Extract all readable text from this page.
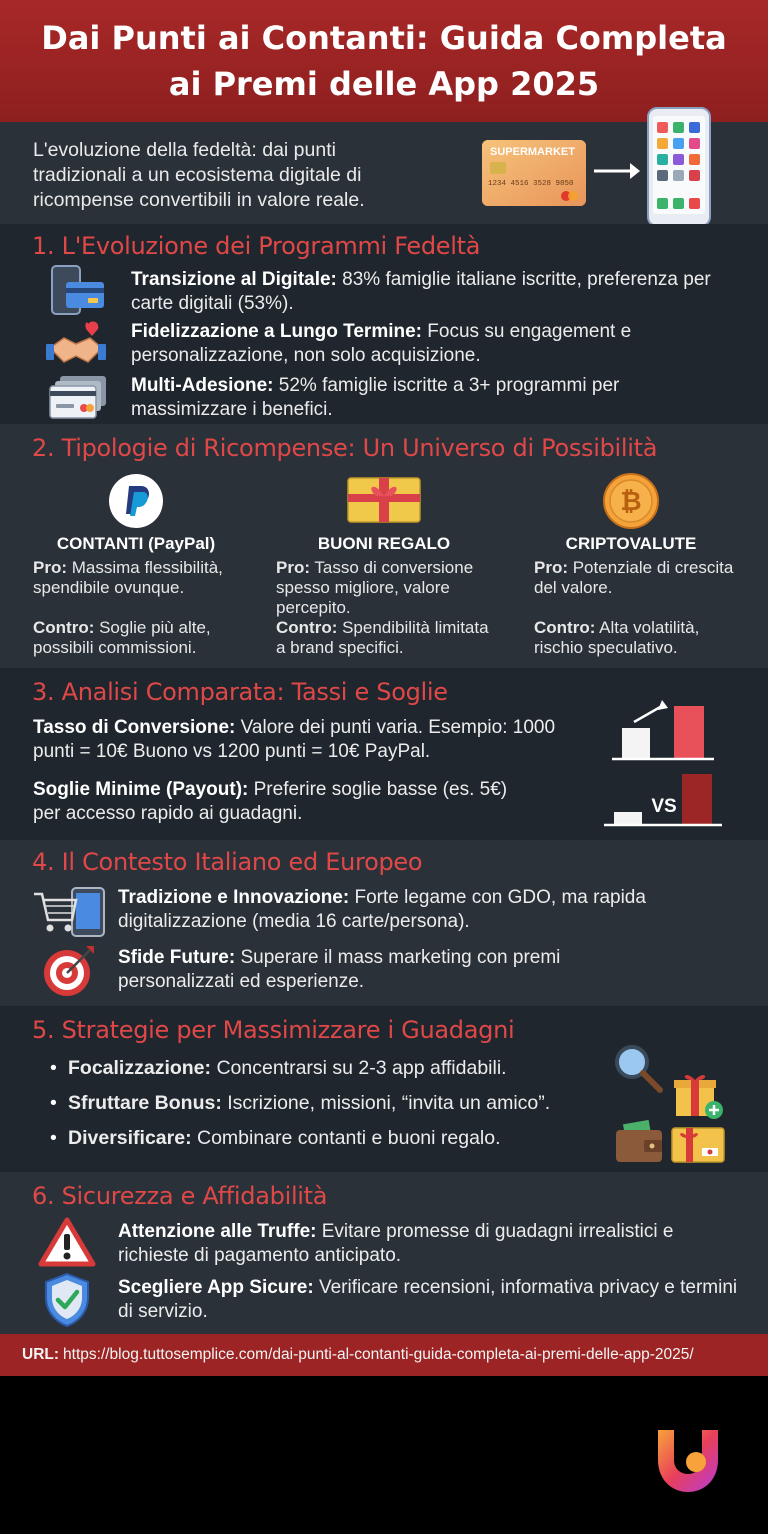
Dai Punti ai Contanti: Guida Completa ai Premi delle App 2025

L'evoluzione della fedeltà: dai punti tradizionali a un ecosistema digitale di ricompense convertibili in valore reale.

SUPERMARKET
1234 4516 3528 9850
1. L'Evoluzione dei Programmi Fedeltà
Transizione al Digitale: 83% famiglie italiane iscritte, preferenza per carte digitali (53%).
Fidelizzazione a Lungo Termine: Focus su engagement e personalizzazione, non solo acquisizione.
Multi-Adesione: 52% famiglie iscritte a 3+ programmi per massimizzare i benefici.
2. Tipologie di Ricompense: Un Universo di Possibilità
₿
CONTANTI (PayPal)	BUONI REGALO	CRIPTOVALUTE
Pro: Massima flessibilità, spendibile ovunque.
Contro: Soglie più alte, possibili commissioni.
Pro: Tasso di conversione spesso migliore, valore percepito.
Contro: Spendibilità limitata a brand specifici.
Pro: Potenziale di crescita del valore.
Contro: Alta volatilità, rischio speculativo.
3. Analisi Comparata: Tassi e Soglie
Tasso di Conversione: Valore dei punti varia. Esempio: 1000 punti = 10€ Buono vs 1200 punti = 10€ PayPal.
Soglie Minime (Payout): Preferire soglie basse (es. 5€) per accesso rapido ai guadagni.	VS
4. Il Contesto Italiano ed Europeo
Tradizione e Innovazione: Forte legame con GDO, ma rapida digitalizzazione (media 16 carte/persona).
Sfide Future: Superare il mass marketing con premi personalizzati ed esperienze.
5. Strategie per Massimizzare i Guadagni
• Focalizzazione: Concentrarsi su 2-3 app affidabili.
• Sfruttare Bonus: Iscrizione, missioni, “invita un amico”.
• Diversificare: Combinare contanti e buoni regalo.
6. Sicurezza e Affidabilità
Attenzione alle Truffe: Evitare promesse di guadagni irrealistici e richieste di pagamento anticipato.
Scegliere App Sicure: Verificare recensioni, informativa privacy e termini di servizio.
URL: https://blog.tuttosemplice.com/dai-punti-al-contanti-guida-completa-ai-premi-delle-app-2025/
